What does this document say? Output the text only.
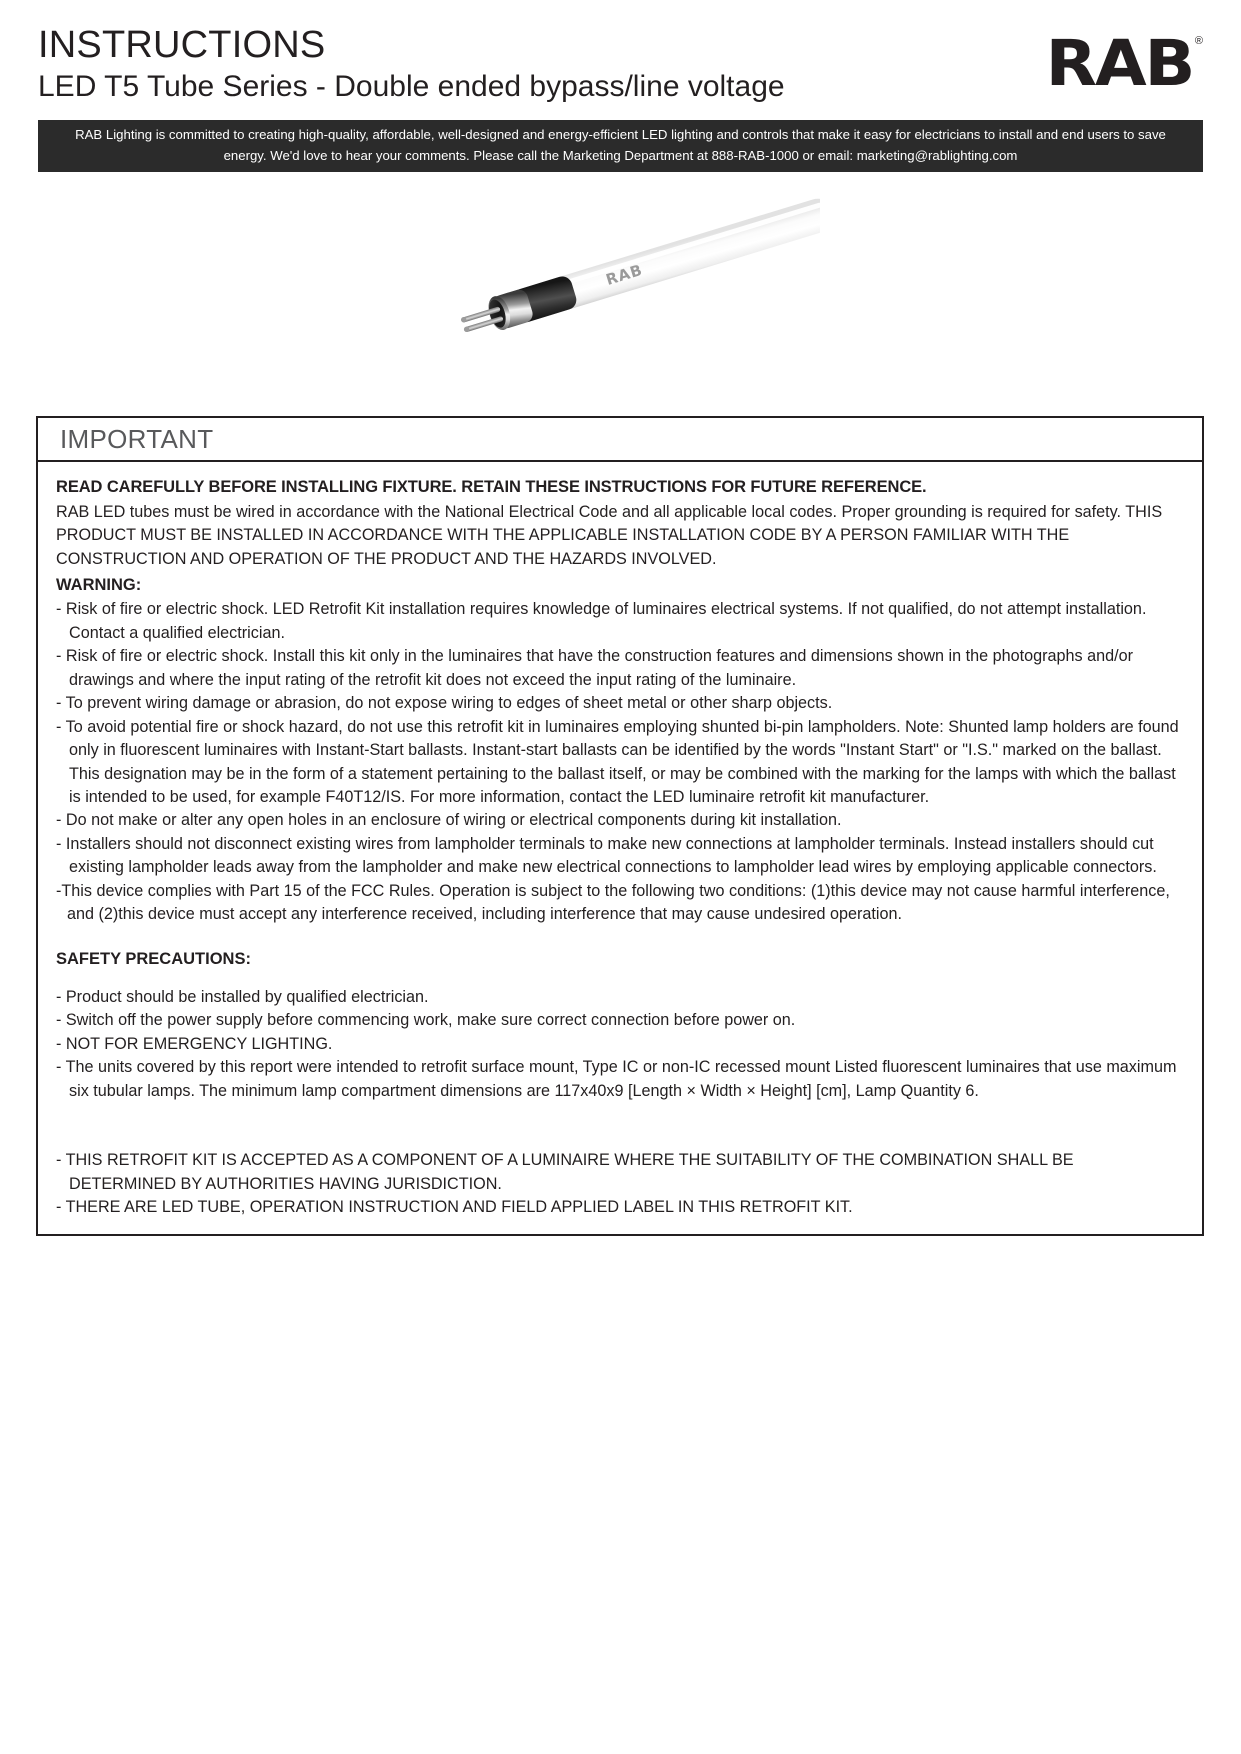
INSTRUCTIONS
LED T5 Tube Series - Double ended bypass/line voltage	RAB ®

RAB Lighting is committed to creating high-quality, affordable, well-designed and energy-efficient LED lighting and controls that make it easy for electricians to install and end users to save energy. We'd love to hear your comments. Please call the Marketing Department at 888-RAB-1000 or email: marketing@rablighting.com

RAB
IMPORTANT

READ CAREFULLY BEFORE INSTALLING FIXTURE. RETAIN THESE INSTRUCTIONS FOR FUTURE REFERENCE.

RAB LED tubes must be wired in accordance with the National Electrical Code and all applicable local codes. Proper grounding is required for safety. THIS PRODUCT MUST BE INSTALLED IN ACCORDANCE WITH THE APPLICABLE INSTALLATION CODE BY A PERSON FAMILIAR WITH THE CONSTRUCTION AND OPERATION OF THE PRODUCT AND THE HAZARDS INVOLVED.

WARNING:

- Risk of fire or electric shock. LED Retrofit Kit installation requires knowledge of luminaires electrical systems. If not qualified, do not attempt installation. Contact a qualified electrician.
- Risk of fire or electric shock. Install this kit only in the luminaires that have the construction features and dimensions shown in the photographs and/or drawings and where the input rating of the retrofit kit does not exceed the input rating of the luminaire.
- To prevent wiring damage or abrasion, do not expose wiring to edges of sheet metal or other sharp objects.
- To avoid potential fire or shock hazard, do not use this retrofit kit in luminaires employing shunted bi-pin lampholders. Note: Shunted lamp holders are found only in fluorescent luminaires with Instant-Start ballasts. Instant-start ballasts can be identified by the words "Instant Start" or "I.S." marked on the ballast. This designation may be in the form of a statement pertaining to the ballast itself, or may be combined with the marking for the lamps with which the ballast is intended to be used, for example F40T12/IS. For more information, contact the LED luminaire retrofit kit manufacturer.
- Do not make or alter any open holes in an enclosure of wiring or electrical components during kit installation.
- Installers should not disconnect existing wires from lampholder terminals to make new connections at lampholder terminals. Instead installers should cut existing lampholder leads away from the lampholder and make new electrical connections to lampholder lead wires by employing applicable connectors.
-This device complies with Part 15 of the FCC Rules. Operation is subject to the following two conditions: (1)this device may not cause harmful interference, and (2)this device must accept any interference received, including interference that may cause undesired operation.

SAFETY PRECAUTIONS:

- Product should be installed by qualified electrician.
- Switch off the power supply before commencing work, make sure correct connection before power on.
- NOT FOR EMERGENCY LIGHTING.
- The units covered by this report were intended to retrofit surface mount, Type IC or non-IC recessed mount Listed fluorescent luminaires that use maximum six tubular lamps. The minimum lamp compartment dimensions are 117x40x9 [Length × Width × Height] [cm], Lamp Quantity 6.
- THIS RETROFIT KIT IS ACCEPTED AS A COMPONENT OF A LUMINAIRE WHERE THE SUITABILITY OF THE COMBINATION SHALL BE DETERMINED BY AUTHORITIES HAVING JURISDICTION.
- THERE ARE LED TUBE, OPERATION INSTRUCTION AND FIELD APPLIED LABEL IN THIS RETROFIT KIT.
